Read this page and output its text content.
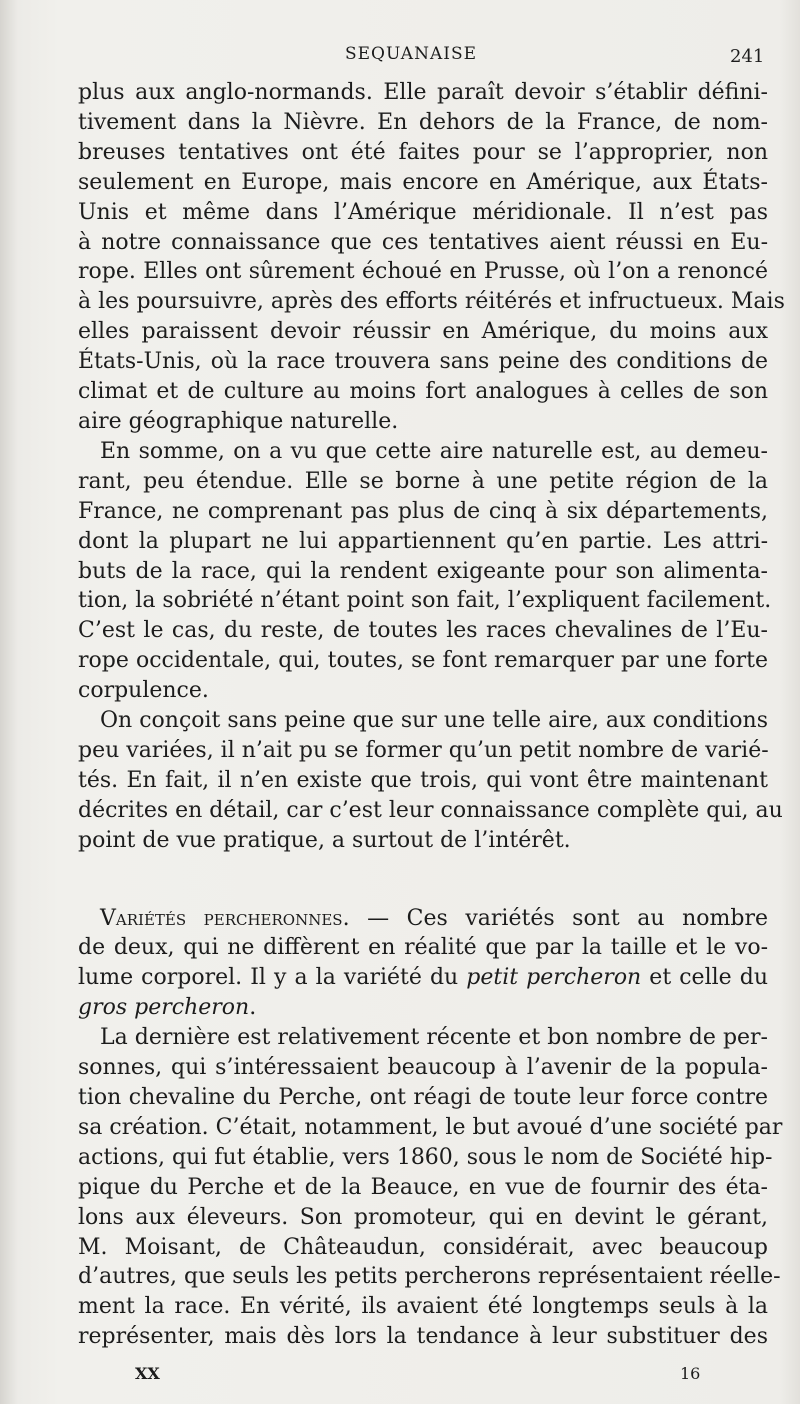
SEQUANAISE	241
plus aux anglo-normands. Elle paraît devoir s’établir défini-
tivement dans la Nièvre. En dehors de la France, de nom-
breuses tentatives ont été faites pour se l’approprier, non
seulement en Europe, mais encore en Amérique, aux États-
Unis et même dans l’Amérique méridionale. Il n’est pas
à notre connaissance que ces tentatives aient réussi en Eu-
rope. Elles ont sûrement échoué en Prusse, où l’on a renoncé
à les poursuivre, après des efforts réitérés et infructueux. Mais
elles paraissent devoir réussir en Amérique, du moins aux
États-Unis, où la race trouvera sans peine des conditions de
climat et de culture au moins fort analogues à celles de son
aire géographique naturelle.
En somme, on a vu que cette aire naturelle est, au demeu-
rant, peu étendue. Elle se borne à une petite région de la
France, ne comprenant pas plus de cinq à six départements,
dont la plupart ne lui appartiennent qu’en partie. Les attri-
buts de la race, qui la rendent exigeante pour son alimenta-
tion, la sobriété n’étant point son fait, l’expliquent facilement.
C’est le cas, du reste, de toutes les races chevalines de l’Eu-
rope occidentale, qui, toutes, se font remarquer par une forte
corpulence.
On conçoit sans peine que sur une telle aire, aux conditions
peu variées, il n’ait pu se former qu’un petit nombre de varié-
tés. En fait, il n’en existe que trois, qui vont être maintenant
décrites en détail, car c’est leur connaissance complète qui, au
point de vue pratique, a surtout de l’intérêt.
Variétés percheronnes. — Ces variétés sont au nombre
de deux, qui ne diffèrent en réalité que par la taille et le vo-
lume corporel. Il y a la variété du petit percheron et celle du
gros percheron.
La dernière est relativement récente et bon nombre de per-
sonnes, qui s’intéressaient beaucoup à l’avenir de la popula-
tion chevaline du Perche, ont réagi de toute leur force contre
sa création. C’était, notamment, le but avoué d’une société par
actions, qui fut établie, vers 1860, sous le nom de Société hip-
pique du Perche et de la Beauce, en vue de fournir des éta-
lons aux éleveurs. Son promoteur, qui en devint le gérant,
M. Moisant, de Châteaudun, considérait, avec beaucoup
d’autres, que seuls les petits percherons représentaient réelle-
ment la race. En vérité, ils avaient été longtemps seuls à la
représenter, mais dès lors la tendance à leur substituer des
XX	16
